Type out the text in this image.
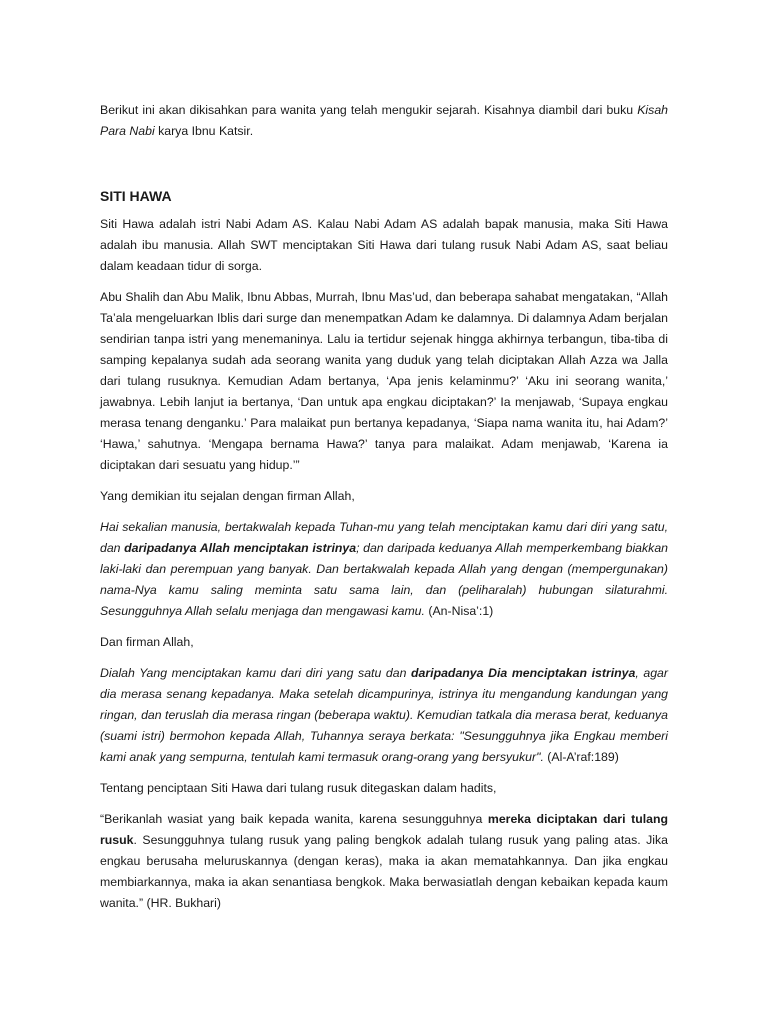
Berikut ini akan dikisahkan para wanita yang telah mengukir sejarah. Kisahnya diambil dari buku Kisah Para Nabi karya Ibnu Katsir.

SITI HAWA

Siti Hawa adalah istri Nabi Adam AS. Kalau Nabi Adam AS adalah bapak manusia, maka Siti Hawa adalah ibu manusia. Allah SWT menciptakan Siti Hawa dari tulang rusuk Nabi Adam AS, saat beliau dalam keadaan tidur di sorga.

Abu Shalih dan Abu Malik, Ibnu Abbas, Murrah, Ibnu Mas’ud, dan beberapa sahabat mengatakan, “Allah Ta’ala mengeluarkan Iblis dari surge dan menempatkan Adam ke dalamnya. Di dalamnya Adam berjalan sendirian tanpa istri yang menemaninya. Lalu ia tertidur sejenak hingga akhirnya terbangun, tiba-tiba di samping kepalanya sudah ada seorang wanita yang duduk yang telah diciptakan Allah Azza wa Jalla dari tulang rusuknya. Kemudian Adam bertanya, ‘Apa jenis kelaminmu?’ ‘Aku ini seorang wanita,’ jawabnya. Lebih lanjut ia bertanya, ‘Dan untuk apa engkau diciptakan?’ Ia menjawab, ‘Supaya engkau merasa tenang denganku.’ Para malaikat pun bertanya kepadanya, ‘Siapa nama wanita itu, hai Adam?’ ‘Hawa,’ sahutnya. ‘Mengapa bernama Hawa?’ tanya para malaikat. Adam menjawab, ‘Karena ia diciptakan dari sesuatu yang hidup.’”

Yang demikian itu sejalan dengan firman Allah,

Hai sekalian manusia, bertakwalah kepada Tuhan-mu yang telah menciptakan kamu dari diri yang satu, dan daripadanya Allah menciptakan istrinya; dan daripada keduanya Allah memperkembang biakkan laki-laki dan perempuan yang banyak. Dan bertakwalah kepada Allah yang dengan (mempergunakan) nama-Nya kamu saling meminta satu sama lain, dan (peliharalah) hubungan silaturahmi. Sesungguhnya Allah selalu menjaga dan mengawasi kamu. (An-Nisa’:1)

Dan firman Allah,

Dialah Yang menciptakan kamu dari diri yang satu dan daripadanya Dia menciptakan istrinya, agar dia merasa senang kepadanya. Maka setelah dicampurinya, istrinya itu mengandung kandungan yang ringan, dan teruslah dia merasa ringan (beberapa waktu). Kemudian tatkala dia merasa berat, keduanya (suami istri) bermohon kepada Allah, Tuhannya seraya berkata: "Sesungguhnya jika Engkau memberi kami anak yang sempurna, tentulah kami termasuk orang-orang yang bersyukur". (Al-A’raf:189)

Tentang penciptaan Siti Hawa dari tulang rusuk ditegaskan dalam hadits,

“Berikanlah wasiat yang baik kepada wanita, karena sesungguhnya mereka diciptakan dari tulang rusuk. Sesungguhnya tulang rusuk yang paling bengkok adalah tulang rusuk yang paling atas. Jika engkau berusaha meluruskannya (dengan keras), maka ia akan mematahkannya. Dan jika engkau membiarkannya, maka ia akan senantiasa bengkok. Maka berwasiatlah dengan kebaikan kepada kaum wanita.” (HR. Bukhari)
